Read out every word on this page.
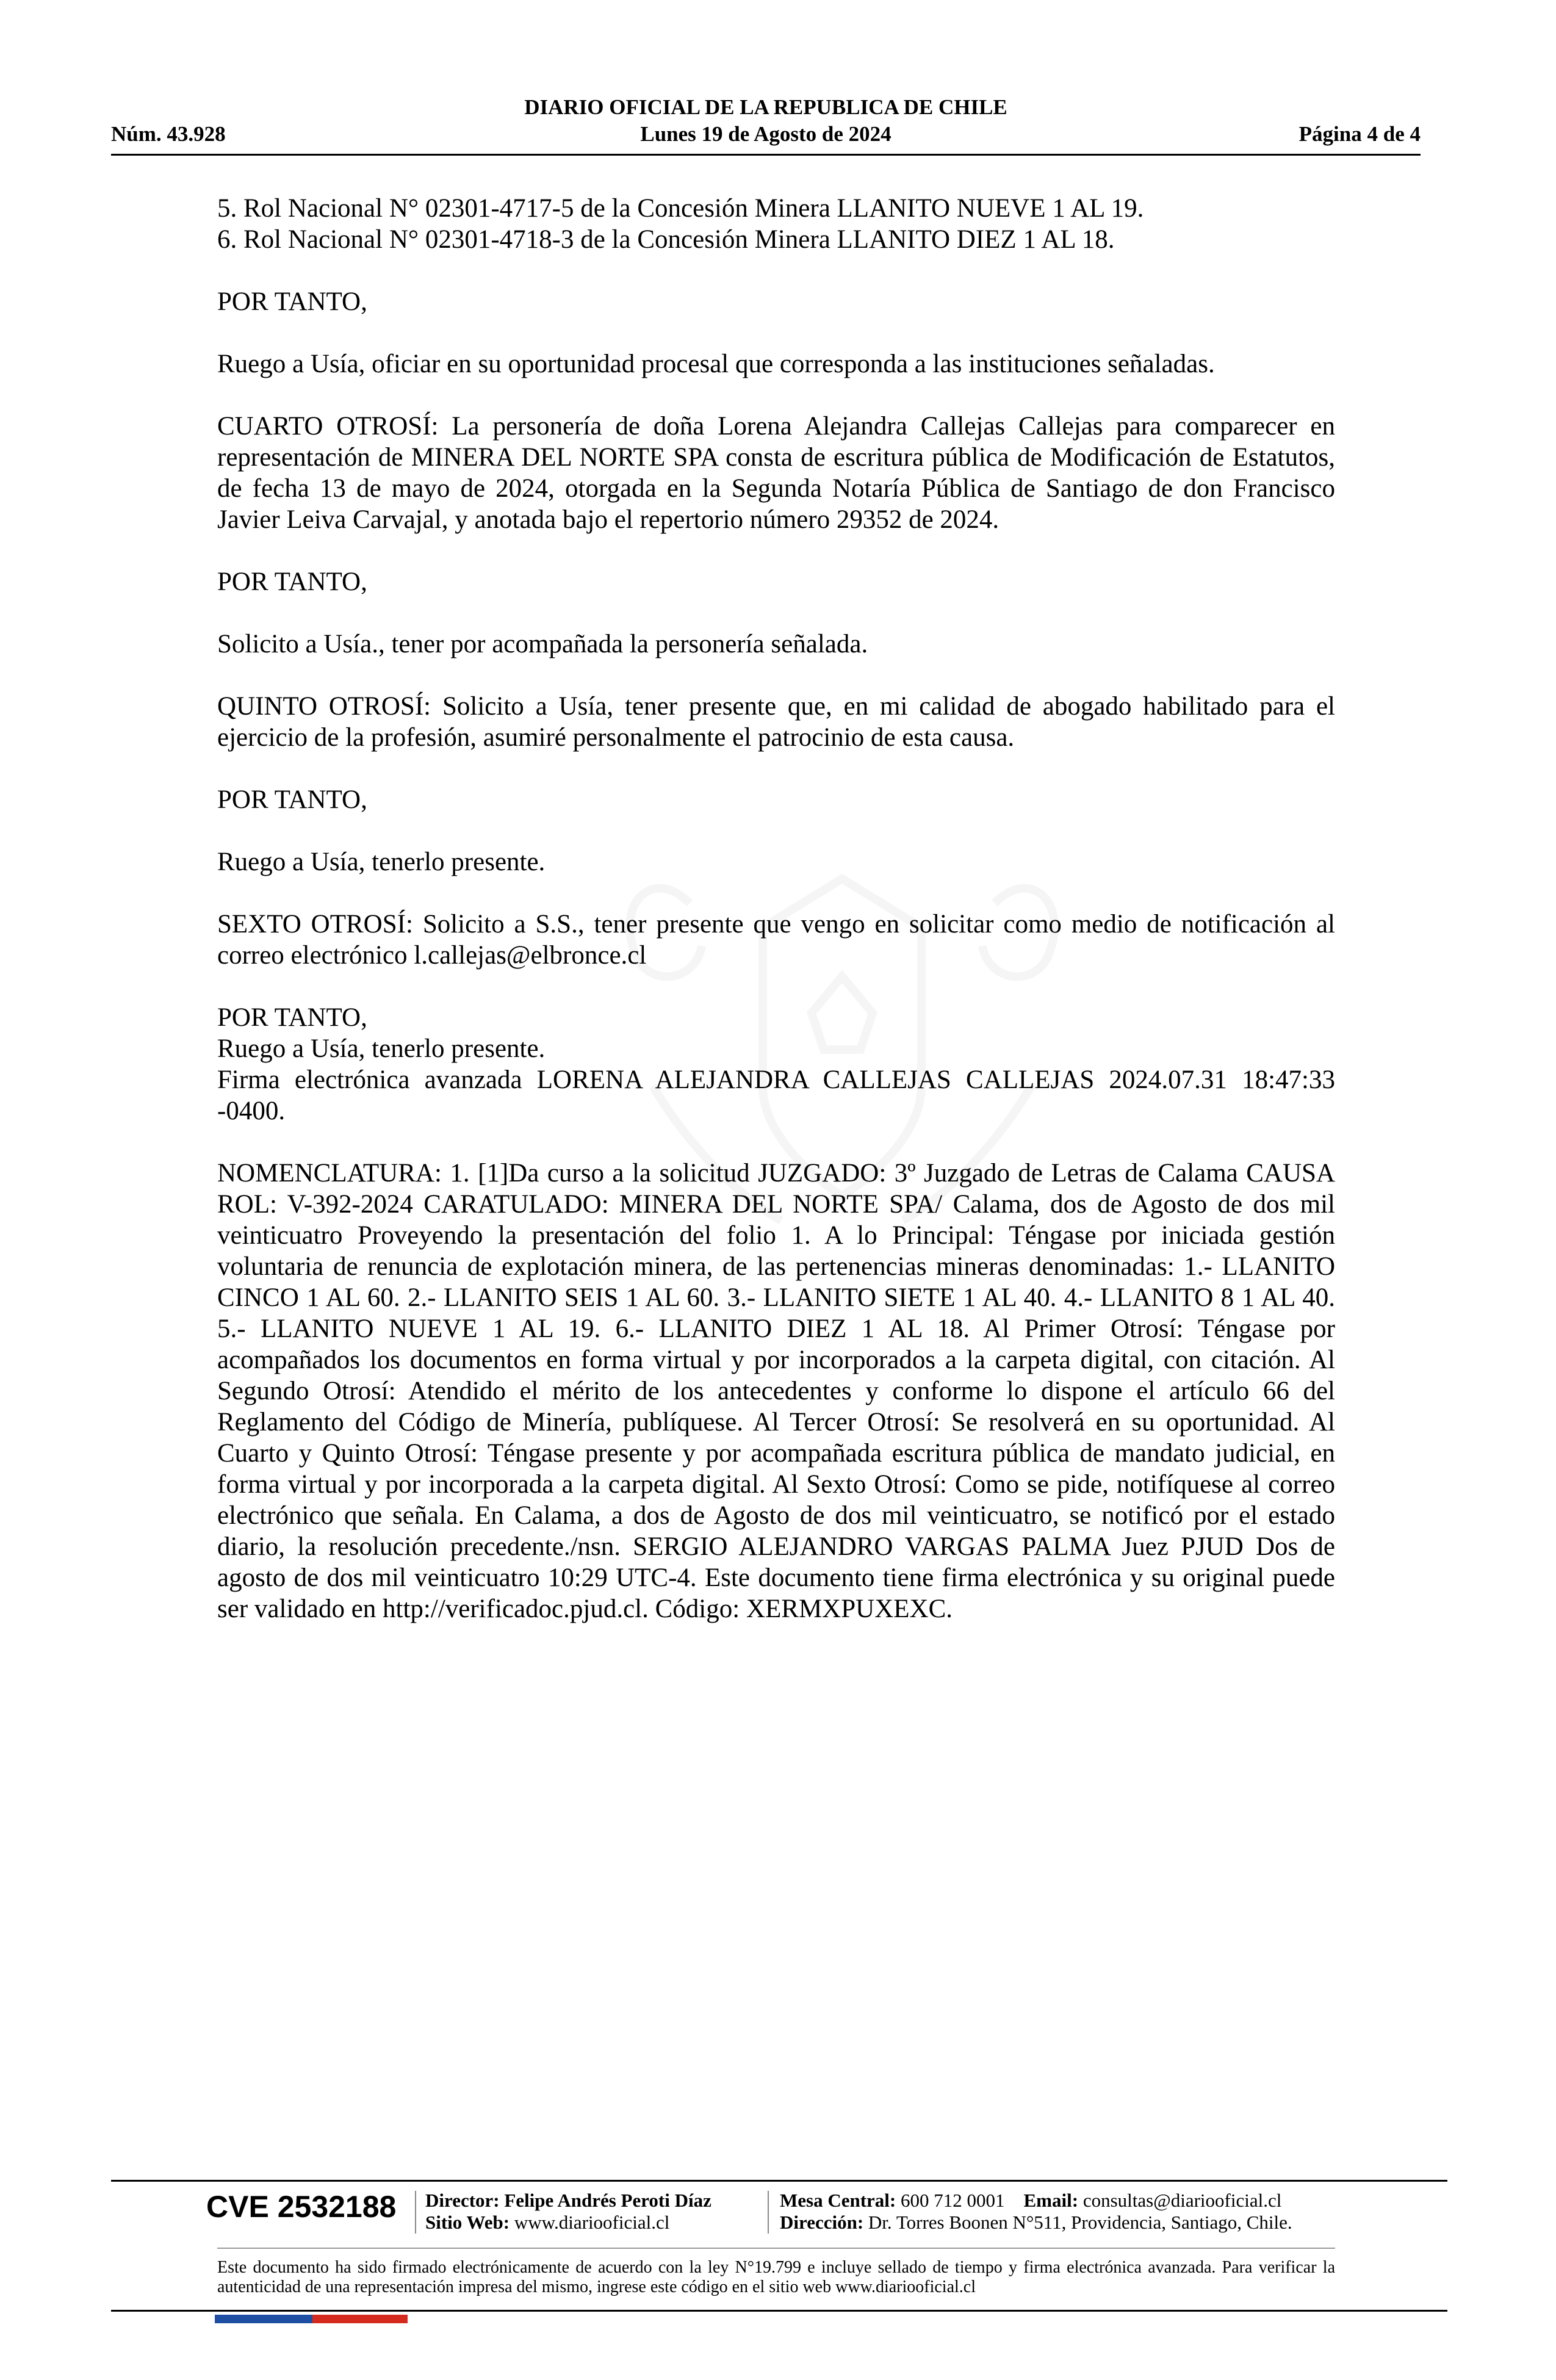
DIARIO OFICIAL DE LA REPUBLICA DE CHILE
Núm. 43.928	Lunes 19 de Agosto de 2024	Página 4 de 4

5. Rol Nacional N° 02301-4717-5 de la Concesión Minera LLANITO NUEVE 1 AL 19.

6. Rol Nacional N° 02301-4718-3 de la Concesión Minera LLANITO DIEZ 1 AL 18.

POR TANTO,

Ruego a Usía, oficiar en su oportunidad procesal que corresponda a las instituciones señaladas.

CUARTO OTROSÍ: La personería de doña Lorena Alejandra Callejas Callejas para comparecer en representación de MINERA DEL NORTE SPA consta de escritura pública de Modificación de Estatutos, de fecha 13 de mayo de 2024, otorgada en la Segunda Notaría Pública de Santiago de don Francisco Javier Leiva Carvajal, y anotada bajo el repertorio número 29352 de 2024.

POR TANTO,

Solicito a Usía., tener por acompañada la personería señalada.

QUINTO OTROSÍ: Solicito a Usía, tener presente que, en mi calidad de abogado habilitado para el ejercicio de la profesión, asumiré personalmente el patrocinio de esta causa.

POR TANTO,

Ruego a Usía, tenerlo presente.

SEXTO OTROSÍ: Solicito a S.S., tener presente que vengo en solicitar como medio de notificación al correo electrónico l.callejas@elbronce.cl

POR TANTO,

Ruego a Usía, tenerlo presente.

Firma electrónica avanzada LORENA ALEJANDRA CALLEJAS CALLEJAS 2024.07.31 18:47:33 -0400.

NOMENCLATURA: 1. [1]Da curso a la solicitud JUZGADO: 3º Juzgado de Letras de Calama CAUSA ROL: V-392-2024 CARATULADO: MINERA DEL NORTE SPA/ Calama, dos de Agosto de dos mil veinticuatro Proveyendo la presentación del folio 1. A lo Principal: Téngase por iniciada gestión voluntaria de renuncia de explotación minera, de las pertenencias mineras denominadas: 1.- LLANITO CINCO 1 AL 60. 2.- LLANITO SEIS 1 AL 60. 3.- LLANITO SIETE 1 AL 40. 4.- LLANITO 8 1 AL 40. 5.- LLANITO NUEVE 1 AL 19. 6.- LLANITO DIEZ 1 AL 18. Al Primer Otrosí: Téngase por acompañados los documentos en forma virtual y por incorporados a la carpeta digital, con citación. Al Segundo Otrosí: Atendido el mérito de los antecedentes y conforme lo dispone el artículo 66 del Reglamento del Código de Minería, publíquese. Al Tercer Otrosí: Se resolverá en su oportunidad. Al Cuarto y Quinto Otrosí: Téngase presente y por acompañada escritura pública de mandato judicial, en forma virtual y por incorporada a la carpeta digital. Al Sexto Otrosí: Como se pide, notifíquese al correo electrónico que señala. En Calama, a dos de Agosto de dos mil veinticuatro, se notificó por el estado diario, la resolución precedente./nsn. SERGIO ALEJANDRO VARGAS PALMA Juez PJUD Dos de agosto de dos mil veinticuatro 10:29 UTC-4. Este documento tiene firma electrónica y su original puede ser validado en http://verificadoc.pjud.cl. Código: XERMXPUXEXC.

CVE 2532188 Director: Felipe Andrés Peroti Díaz
Sitio Web: www.diariooficial.cl
Mesa Central: 600 712 0001 Email: consultas@diariooficial.cl
Dirección: Dr. Torres Boonen N°511, Providencia, Santiago, Chile.
Este documento ha sido firmado electrónicamente de acuerdo con la ley N°19.799 e incluye sellado de tiempo y firma electrónica avanzada. Para verificar la autenticidad de una representación impresa del mismo, ingrese este código en el sitio web www.diariooficial.cl
